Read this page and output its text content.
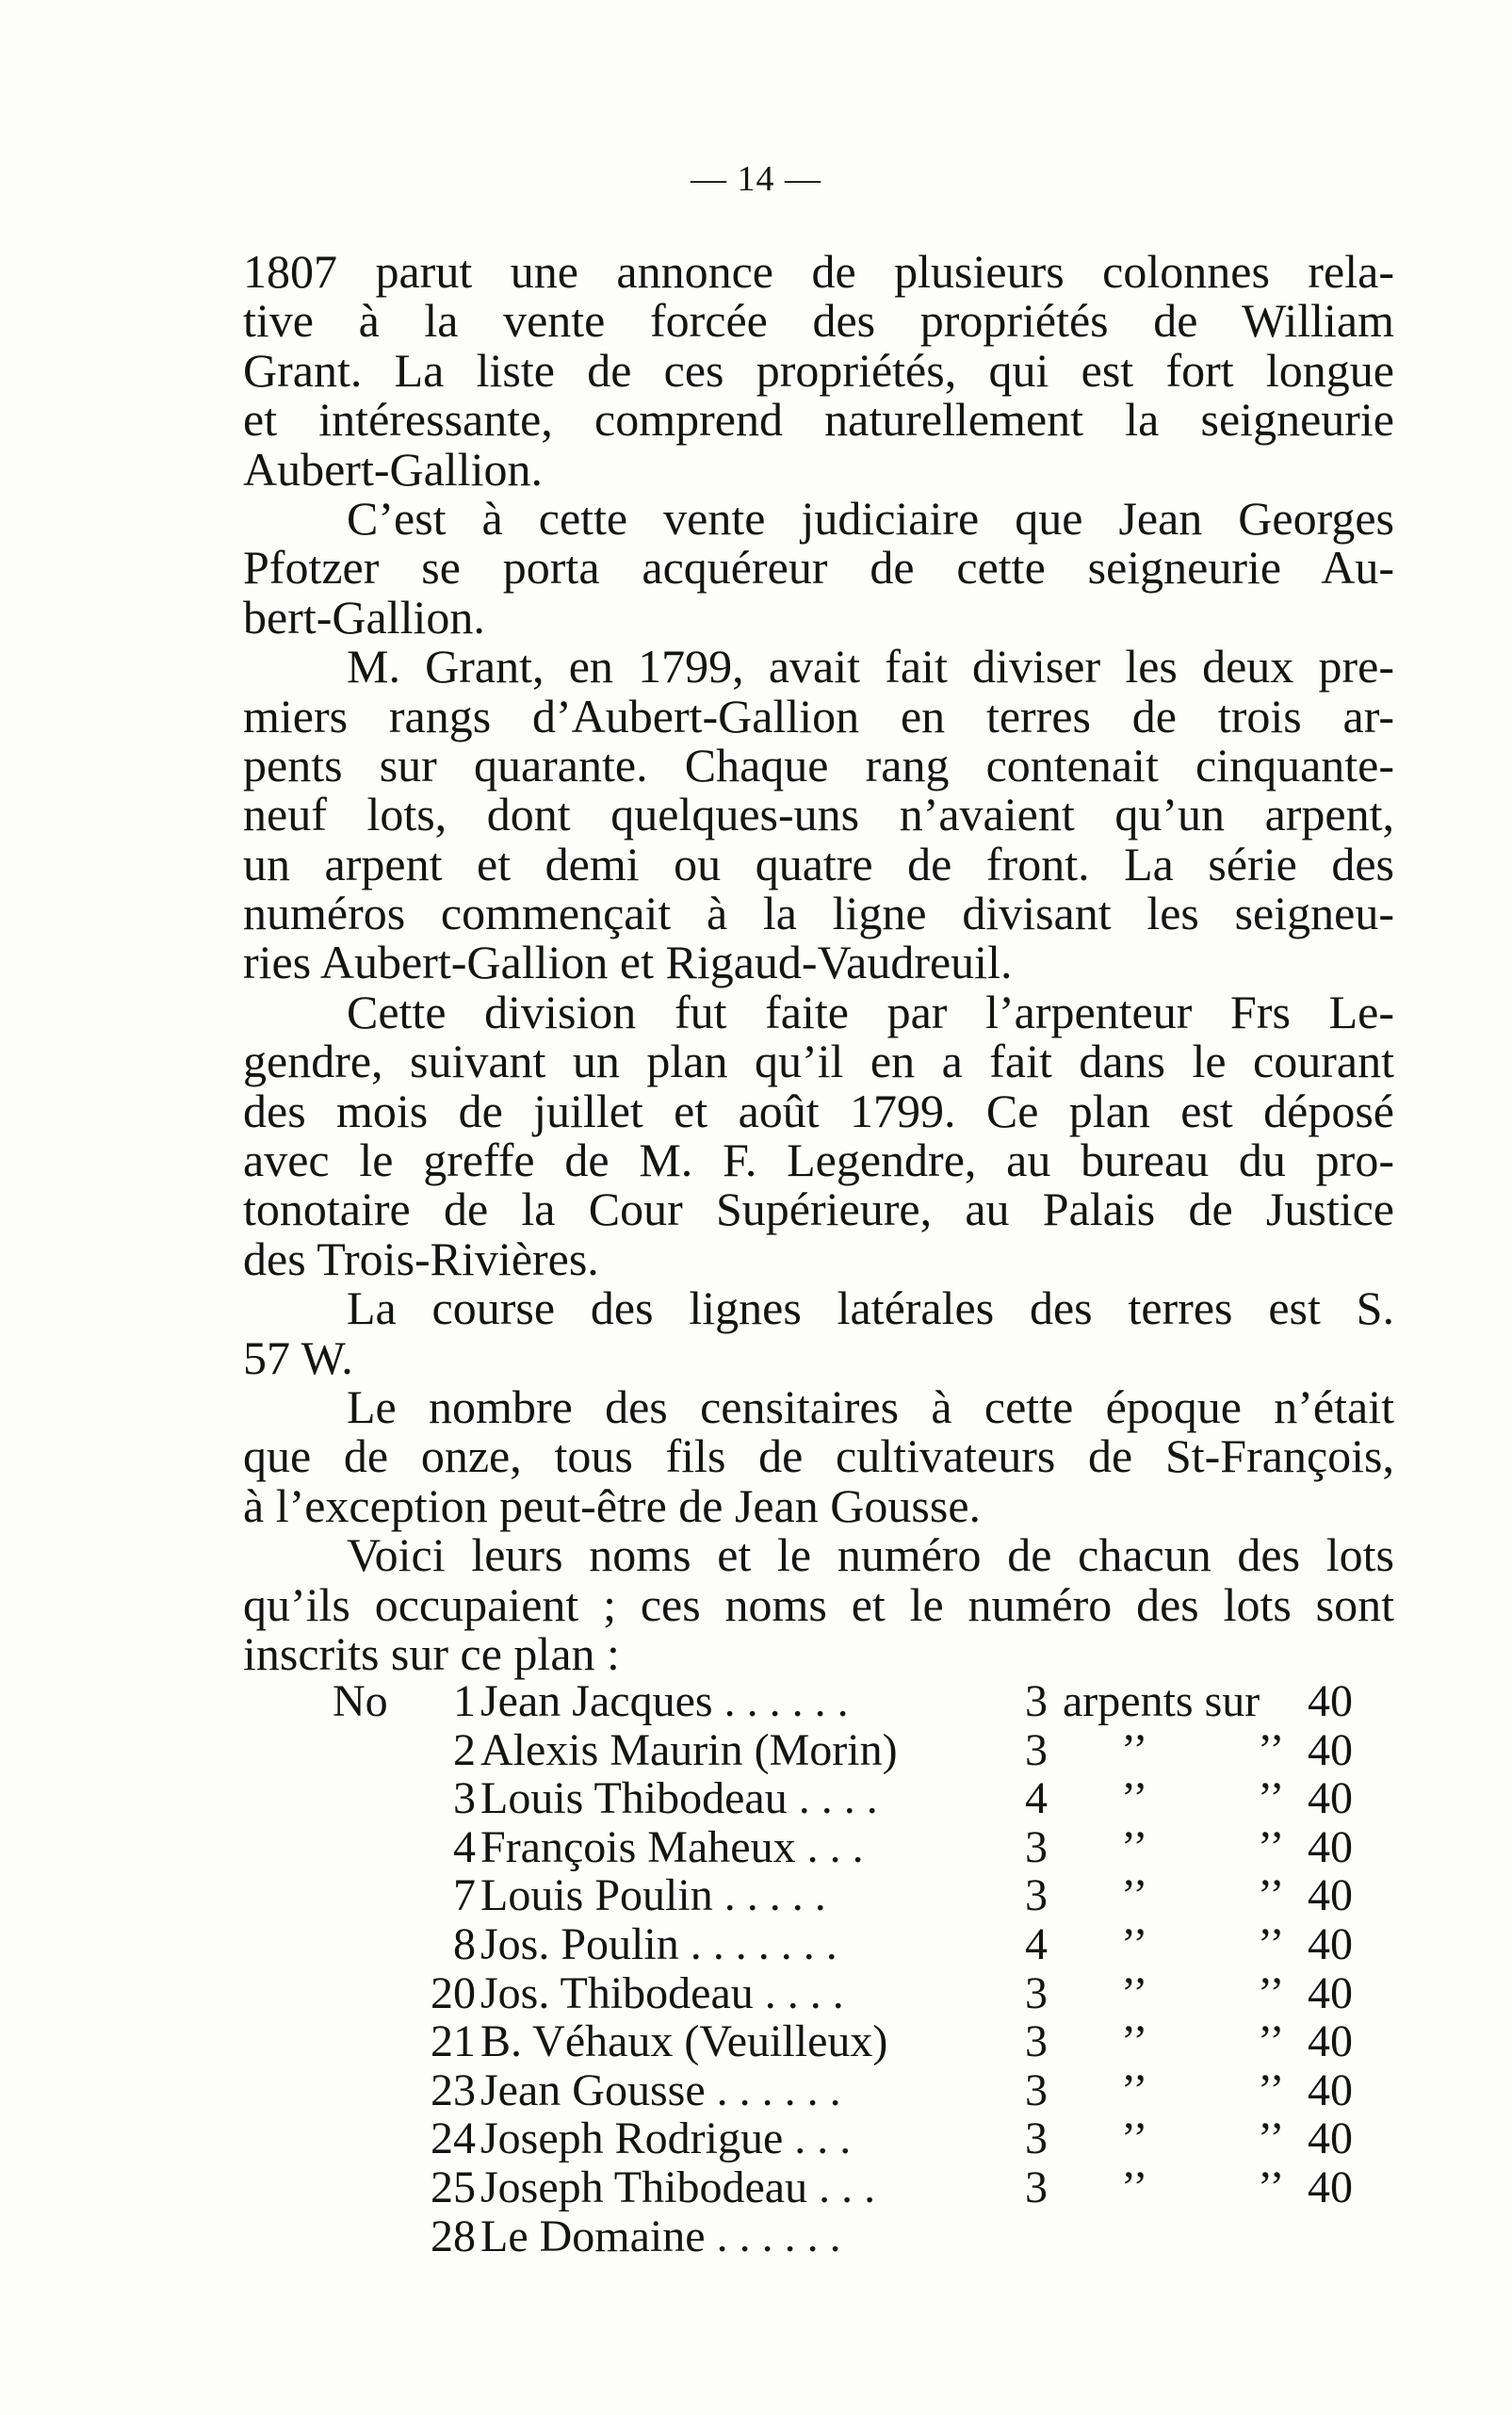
— 14 —
1807 parut une annonce de plusieurs colonnes rela-
tive à la vente forcée des propriétés de William
Grant. La liste de ces propriétés, qui est fort longue
et intéressante, comprend naturellement la seigneurie
Aubert-Gallion.
C’est à cette vente judiciaire que Jean Georges
Pfotzer se porta acquéreur de cette seigneurie Au-
bert-Gallion.
M. Grant, en 1799, avait fait diviser les deux pre-
miers rangs d’Aubert-Gallion en terres de trois ar-
pents sur quarante. Chaque rang contenait cinquante-
neuf lots, dont quelques-uns n’avaient qu’un arpent,
un arpent et demi ou quatre de front. La série des
numéros commençait à la ligne divisant les seigneu-
ries Aubert-Gallion et Rigaud-Vaudreuil.
Cette division fut faite par l’arpenteur Frs Le-
gendre, suivant un plan qu’il en a fait dans le courant
des mois de juillet et août 1799. Ce plan est déposé
avec le greffe de M. F. Legendre, au bureau du pro-
tonotaire de la Cour Supérieure, au Palais de Justice
des Trois-Rivières.
La course des lignes latérales des terres est S.
57 W.
Le nombre des censitaires à cette époque n’était
que de onze, tous fils de cultivateurs de St-François,
à l’exception peut-être de Jean Gousse.
Voici leurs noms et le numéro de chacun des lots
qu’ils occupaient ; ces noms et le numéro des lots sont
inscrits sur ce plan :
No 1 Jean Jacques . . . . . .	3 arpents sur 40
2 Alexis Maurin (Morin)	3 ’’ ’’ 40
3 Louis Thibodeau . . . .	4 ’’ ’’ 40
4 François Maheux . . .	3 ’’ ’’ 40
7 Louis Poulin . . . . .	3 ’’ ’’ 40
8 Jos. Poulin . . . . . . .	4 ’’ ’’ 40
20 Jos. Thibodeau . . . .	3 ’’ ’’ 40
21 B. Véhaux (Veuilleux)	3 ’’ ’’ 40
23 Jean Gousse . . . . . .	3 ’’ ’’ 40
24 Joseph Rodrigue . . .	3 ’’ ’’ 40
25 Joseph Thibodeau . . .	3 ’’ ’’ 40
28 Le Domaine . . . . . .
